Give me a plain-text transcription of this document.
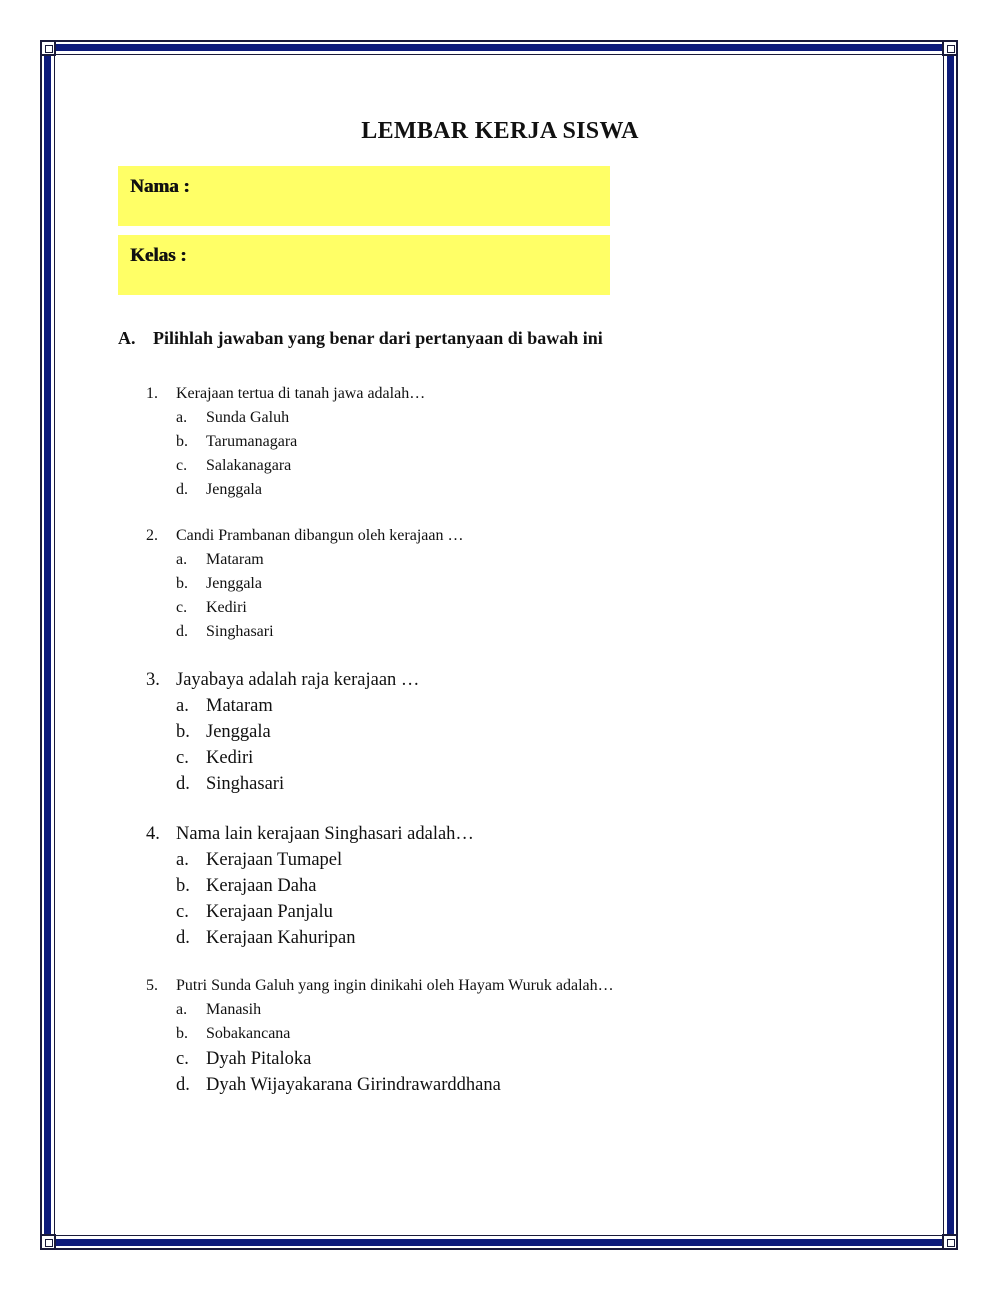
LEMBAR KERJA SISWA
Nama :
Kelas :
A. Pilihlah jawaban yang benar dari pertanyaan di bawah ini
1.	Kerajaan tertua di tanah jawa adalah…
a.	Sunda Galuh
b.	Tarumanagara
c.	Salakanagara
d.	Jenggala
2.	Candi Prambanan dibangun oleh kerajaan …
a.	Mataram
b.	Jenggala
c.	Kediri
d.	Singhasari
3. Jayabaya adalah raja kerajaan …
a. Mataram
b. Jenggala
c. Kediri
d. Singhasari
4. Nama lain kerajaan Singhasari adalah…
a. Kerajaan Tumapel
b. Kerajaan Daha
c. Kerajaan Panjalu
d. Kerajaan Kahuripan
5.	Putri Sunda Galuh yang ingin dinikahi oleh Hayam Wuruk adalah…
a.	Manasih
b.	Sobakancana
c. Dyah Pitaloka
d. Dyah Wijayakarana Girindrawarddhana
